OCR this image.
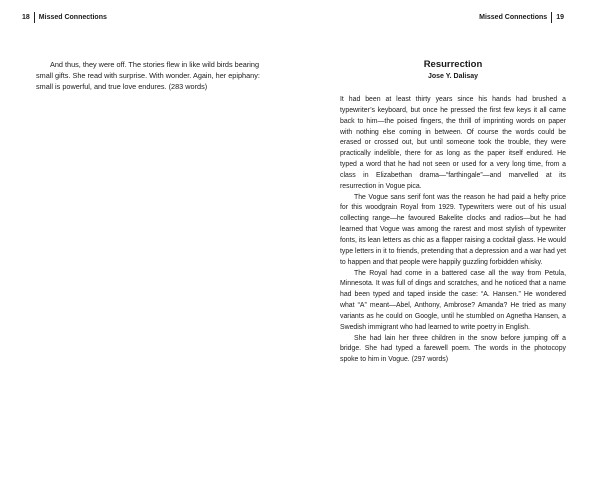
18 Missed Connections
And thus, they were off. The stories flew in like wild birds bearing small gifts. She read with surprise. With wonder. Again, her epiphany: small is powerful, and true love endures. (283 words)
Missed Connections 19
Resurrection
Jose Y. Dalisay

It had been at least thirty years since his hands had brushed a typewriter’s keyboard, but once he pressed the first few keys it all came back to him—the poised fingers, the thrill of imprinting words on paper with nothing else coming in between. Of course the words could be erased or crossed out, but until someone took the trouble, they were practically indelible, there for as long as the paper itself endured. He typed a word that he had not seen or used for a very long time, from a class in Elizabethan drama—“farthingale”—and marvelled at its resurrection in Vogue pica.

The Vogue sans serif font was the reason he had paid a hefty price for this woodgrain Royal from 1929. Typewriters were out of his usual collecting range—he favoured Bakelite clocks and radios—but he had learned that Vogue was among the rarest and most stylish of typewriter fonts, its lean letters as chic as a flapper raising a cocktail glass. He would type letters in it to friends, pretending that a depression and a war had yet to happen and that people were happily guzzling forbidden whisky.

The Royal had come in a battered case all the way from Petula, Minnesota. It was full of dings and scratches, and he noticed that a name had been typed and taped inside the case: “A. Hansen.” He wondered what “A” meant—Abel, Anthony, Ambrose? Amanda? He tried as many variants as he could on Google, until he stumbled on Agnetha Hansen, a Swedish immigrant who had learned to write poetry in English.

She had lain her three children in the snow before jumping off a bridge. She had typed a farewell poem. The words in the photocopy spoke to him in Vogue. (297 words)
